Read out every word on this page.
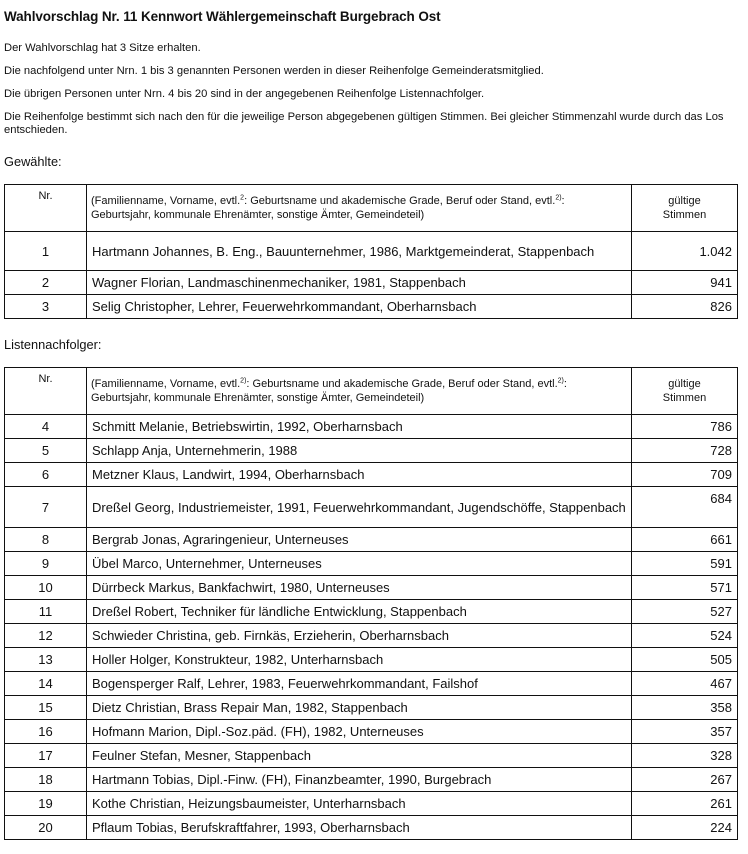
Wahlvorschlag Nr. 11 Kennwort Wählergemeinschaft Burgebrach Ost
Der Wahlvorschlag hat 3 Sitze erhalten.
Die nachfolgend unter Nrn. 1 bis 3 genannten Personen werden in dieser Reihenfolge Gemeinderatsmitglied.
Die übrigen Personen unter Nrn. 4 bis 20 sind in der angegebenen Reihenfolge Listennachfolger.
Die Reihenfolge bestimmt sich nach den für die jeweilige Person abgegebenen gültigen Stimmen. Bei gleicher Stimmenzahl wurde durch das Los entschieden.
Gewählte:
Nr.	(Familienname, Vorname, evtl.$^2$: Geburtsname und akademische Grade, Beruf oder Stand, evtl.$^{2)}$: Geburtsjahr, kommunale Ehrenämter, sonstige Ämter, Gemeindeteil)	gültige
Stimmen
1	Hartmann Johannes, B. Eng., Bauunternehmer, 1986, Marktgemeinderat, Stappenbach	1.042
2	Wagner Florian, Landmaschinenmechaniker, 1981, Stappenbach	941
3	Selig Christopher, Lehrer, Feuerwehrkommandant, Oberharnsbach	826
Listennachfolger:
Nr.	(Familienname, Vorname, evtl.$^{2)}$: Geburtsname und akademische Grade, Beruf oder Stand, evtl.$^{2)}$: Geburtsjahr, kommunale Ehrenämter, sonstige Ämter, Gemeindeteil)	gültige
Stimmen
4	Schmitt Melanie, Betriebswirtin, 1992, Oberharnsbach	786
5	Schlapp Anja, Unternehmerin, 1988	728
6	Metzner Klaus, Landwirt, 1994, Oberharnsbach	709
7	Dreßel Georg, Industriemeister, 1991, Feuerwehrkommandant, Jugendschöffe, Stappenbach	684
8	Bergrab Jonas, Agraringenieur, Unterneuses	661
9	Übel Marco, Unternehmer, Unterneuses	591
10	Dürrbeck Markus, Bankfachwirt, 1980, Unterneuses	571
11	Dreßel Robert, Techniker für ländliche Entwicklung, Stappenbach	527
12	Schwieder Christina, geb. Firnkäs, Erzieherin, Oberharnsbach	524
13	Holler Holger, Konstrukteur, 1982, Unterharnsbach	505
14	Bogensperger Ralf, Lehrer, 1983, Feuerwehrkommandant, Failshof	467
15	Dietz Christian, Brass Repair Man, 1982, Stappenbach	358
16	Hofmann Marion, Dipl.-Soz.päd. (FH), 1982, Unterneuses	357
17	Feulner Stefan, Mesner, Stappenbach	328
18	Hartmann Tobias, Dipl.-Finw. (FH), Finanzbeamter, 1990, Burgebrach	267
19	Kothe Christian, Heizungsbaumeister, Unterharnsbach	261
20	Pflaum Tobias, Berufskraftfahrer, 1993, Oberharnsbach	224
